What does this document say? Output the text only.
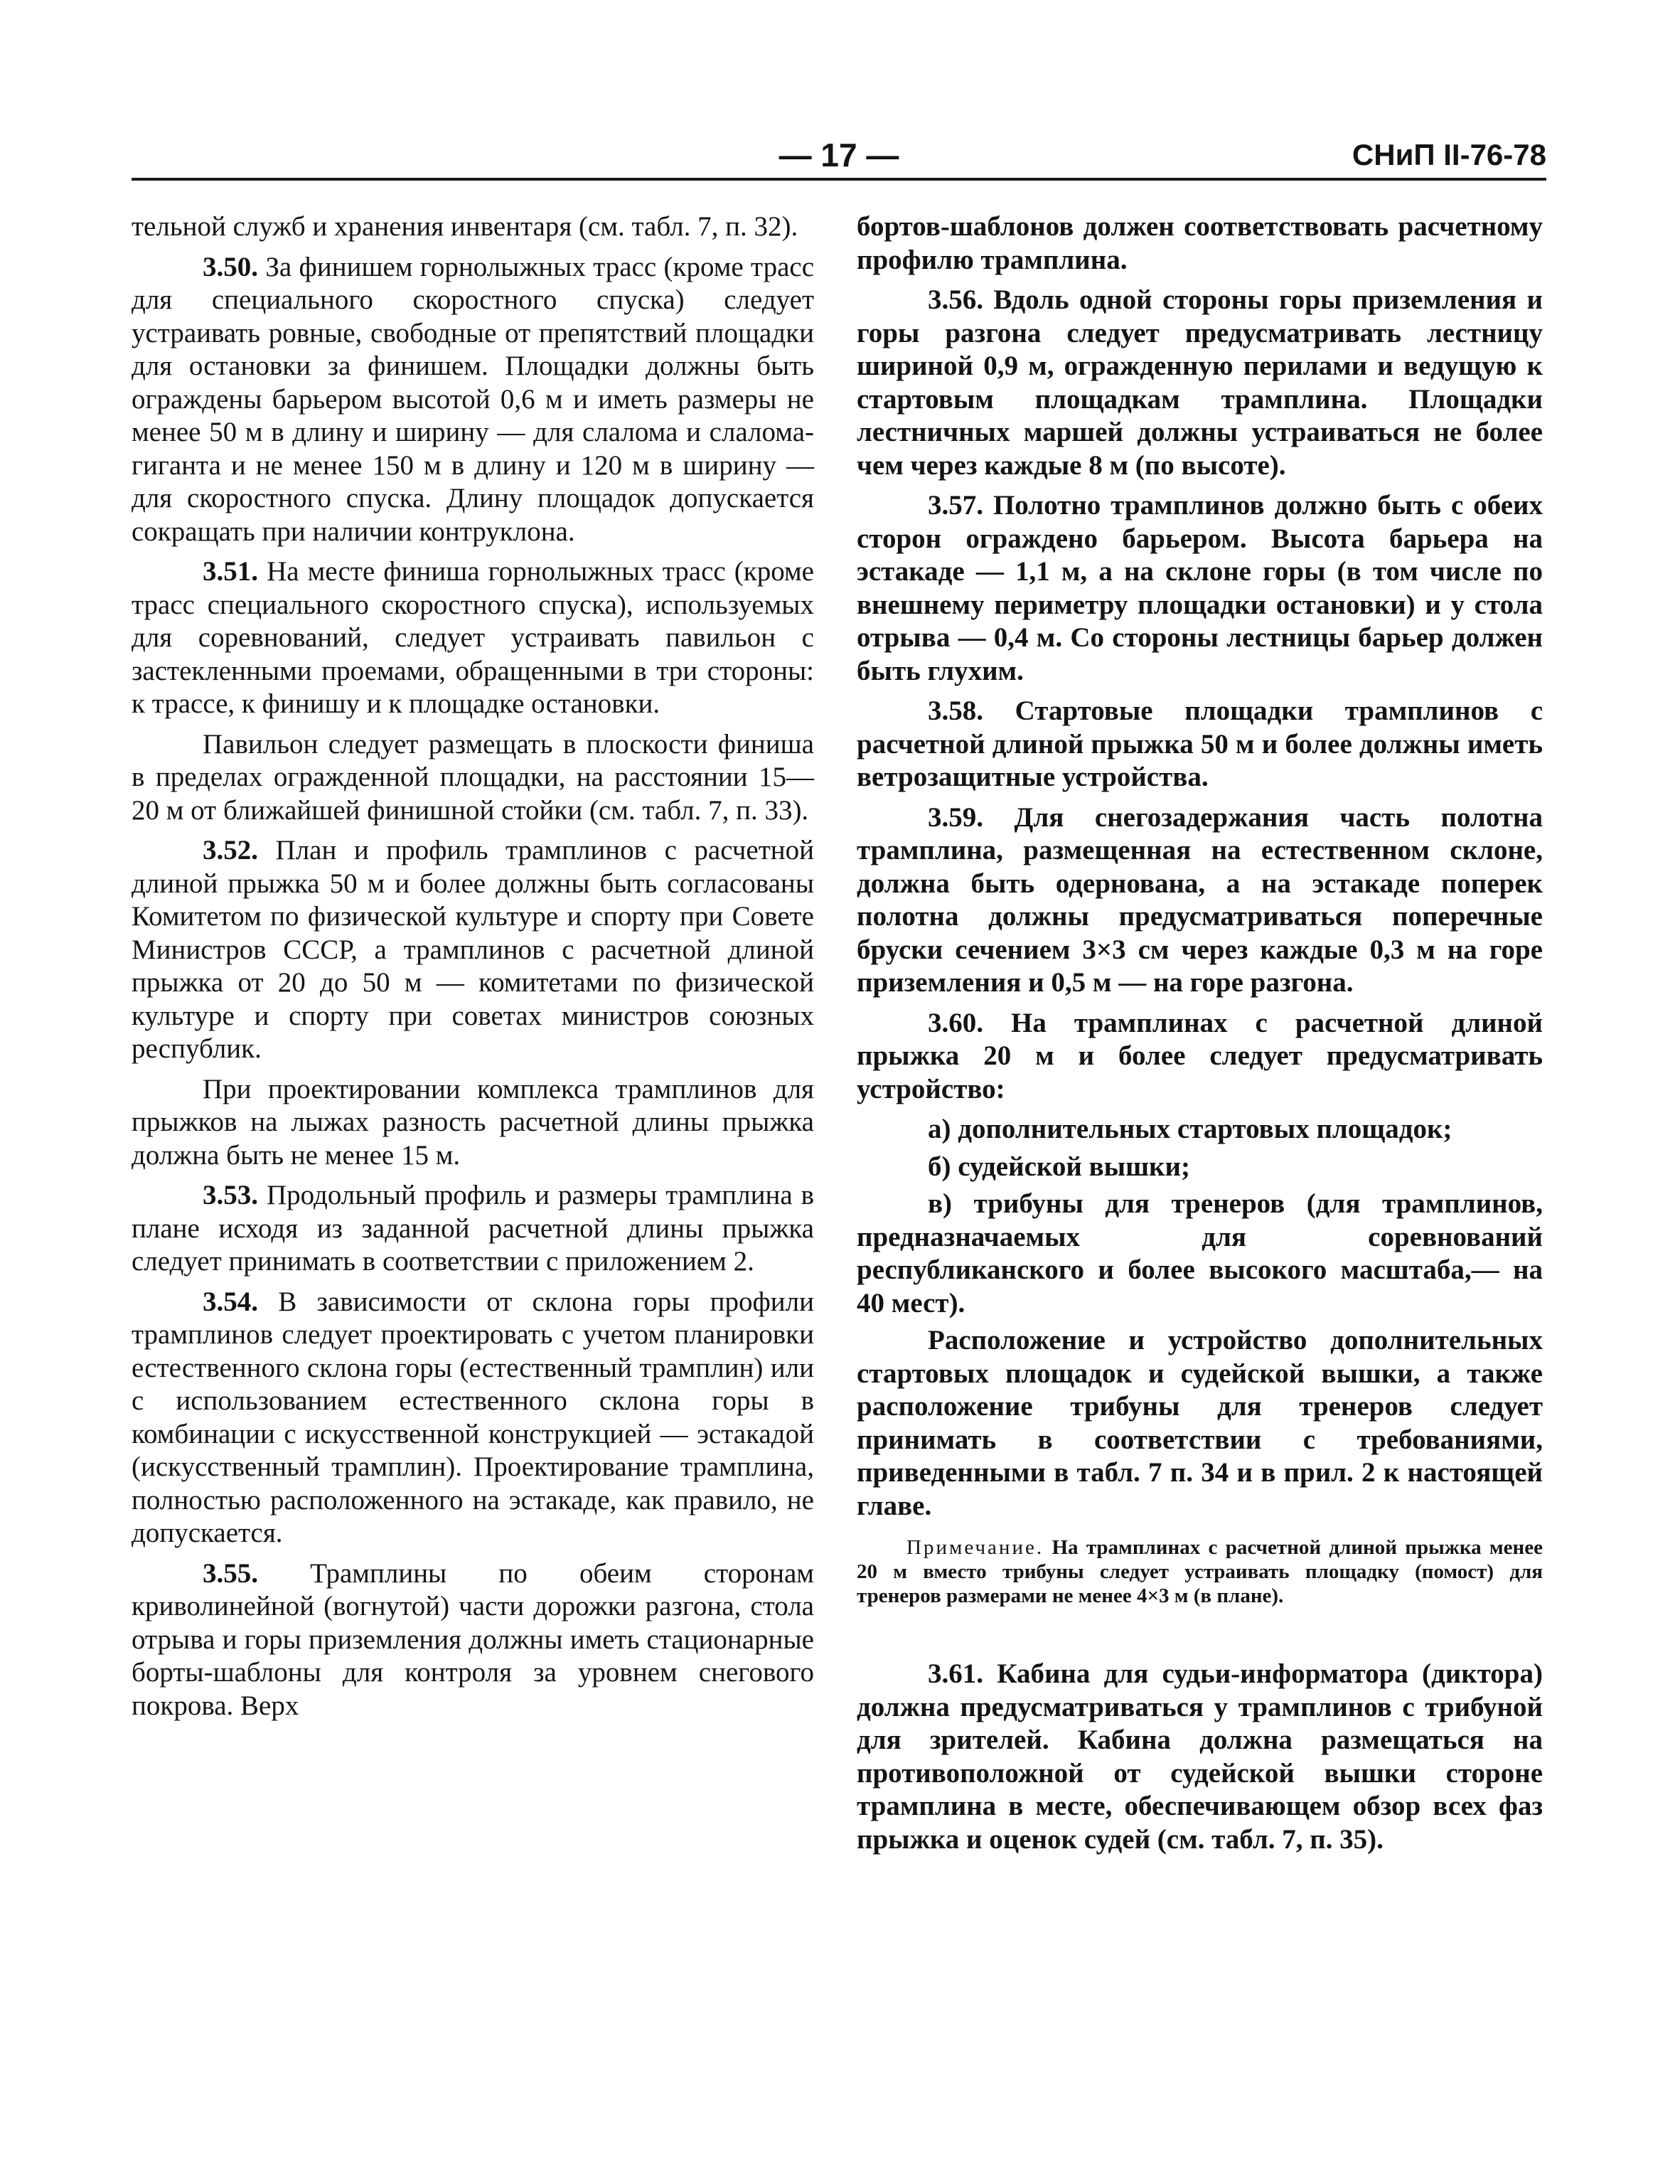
— 17 —	СНиП II-76-78

тельной служб и хранения инвентаря (см. табл. 7, п. 32).

3.50. За финишем горнолыжных трасс (кроме трасс для специального скоростного спуска) следует устраивать ровные, свободные от препятствий площадки для остановки за финишем. Площадки должны быть ограждены барьером высотой 0,6 м и иметь размеры не менее 50 м в длину и ширину — для слалома и слалома-гиганта и не менее 150 м в длину и 120 м в ширину — для скоростного спуска. Длину площадок допускается сокращать при наличии контруклона.

3.51. На месте финиша горнолыжных трасс (кроме трасс специального скоростного спуска), используемых для соревнований, следует устраивать павильон с застекленными проемами, обращенными в три стороны: к трассе, к финишу и к площадке остановки.

Павильон следует размещать в плоскости финиша в пределах огражденной площадки, на расстоянии 15—20 м от ближайшей финишной стойки (см. табл. 7, п. 33).

3.52. План и профиль трамплинов с расчетной длиной прыжка 50 м и более должны быть согласованы Комитетом по физической культуре и спорту при Совете Министров СССР, а трамплинов с расчетной длиной прыжка от 20 до 50 м — комитетами по физической культуре и спорту при советах министров союзных республик.

При проектировании комплекса трамплинов для прыжков на лыжах разность расчетной длины прыжка должна быть не менее 15 м.

3.53. Продольный профиль и размеры трамплина в плане исходя из заданной расчетной длины прыжка следует принимать в соответствии с приложением 2.

3.54. В зависимости от склона горы профили трамплинов следует проектировать с учетом планировки естественного склона горы (естественный трамплин) или с использованием естественного склона горы в комбинации с искусственной конструкцией — эстакадой (искусственный трамплин). Проектирование трамплина, полностью расположенного на эстакаде, как правило, не допускается.

3.55. Трамплины по обеим сторонам криволинейной (вогнутой) части дорожки разгона, стола отрыва и горы приземления должны иметь стационарные борты-шаблоны для контроля за уровнем снегового покрова. Верх

бортов-шаблонов должен соответствовать расчетному профилю трамплина.

3.56. Вдоль одной стороны горы приземления и горы разгона следует предусматривать лестницу шириной 0,9 м, огражденную перилами и ведущую к стартовым площадкам трамплина. Площадки лестничных маршей должны устраиваться не более чем через каждые 8 м (по высоте).

3.57. Полотно трамплинов должно быть с обеих сторон ограждено барьером. Высота барьера на эстакаде — 1,1 м, а на склоне горы (в том числе по внешнему периметру площадки остановки) и у стола отрыва — 0,4 м. Со стороны лестницы барьер должен быть глухим.

3.58. Стартовые площадки трамплинов с расчетной длиной прыжка 50 м и более должны иметь ветрозащитные устройства.

3.59. Для снегозадержания часть полотна трамплина, размещенная на естественном склоне, должна быть одернована, а на эстакаде поперек полотна должны предусматриваться поперечные бруски сечением 3×3 см через каждые 0,3 м на горе приземления и 0,5 м — на горе разгона.

3.60. На трамплинах с расчетной длиной прыжка 20 м и более следует предусматривать устройство:

а) дополнительных стартовых площадок;

б) судейской вышки;

в) трибуны для тренеров (для трамплинов, предназначаемых для соревнований республиканского и более высокого масштаба,— на 40 мест).

Расположение и устройство дополнительных стартовых площадок и судейской вышки, а также расположение трибуны для тренеров следует принимать в соответствии с требованиями, приведенными в табл. 7 п. 34 и в прил. 2 к настоящей главе.

Примечание. На трамплинах с расчетной длиной прыжка менее 20 м вместо трибуны следует устраивать площадку (помост) для тренеров размерами не менее 4×3 м (в плане).

3.61. Кабина для судьи-информатора (диктора) должна предусматриваться у трамплинов с трибуной для зрителей. Кабина должна размещаться на противоположной от судейской вышки стороне трамплина в месте, обеспечивающем обзор всех фаз прыжка и оценок судей (см. табл. 7, п. 35).
